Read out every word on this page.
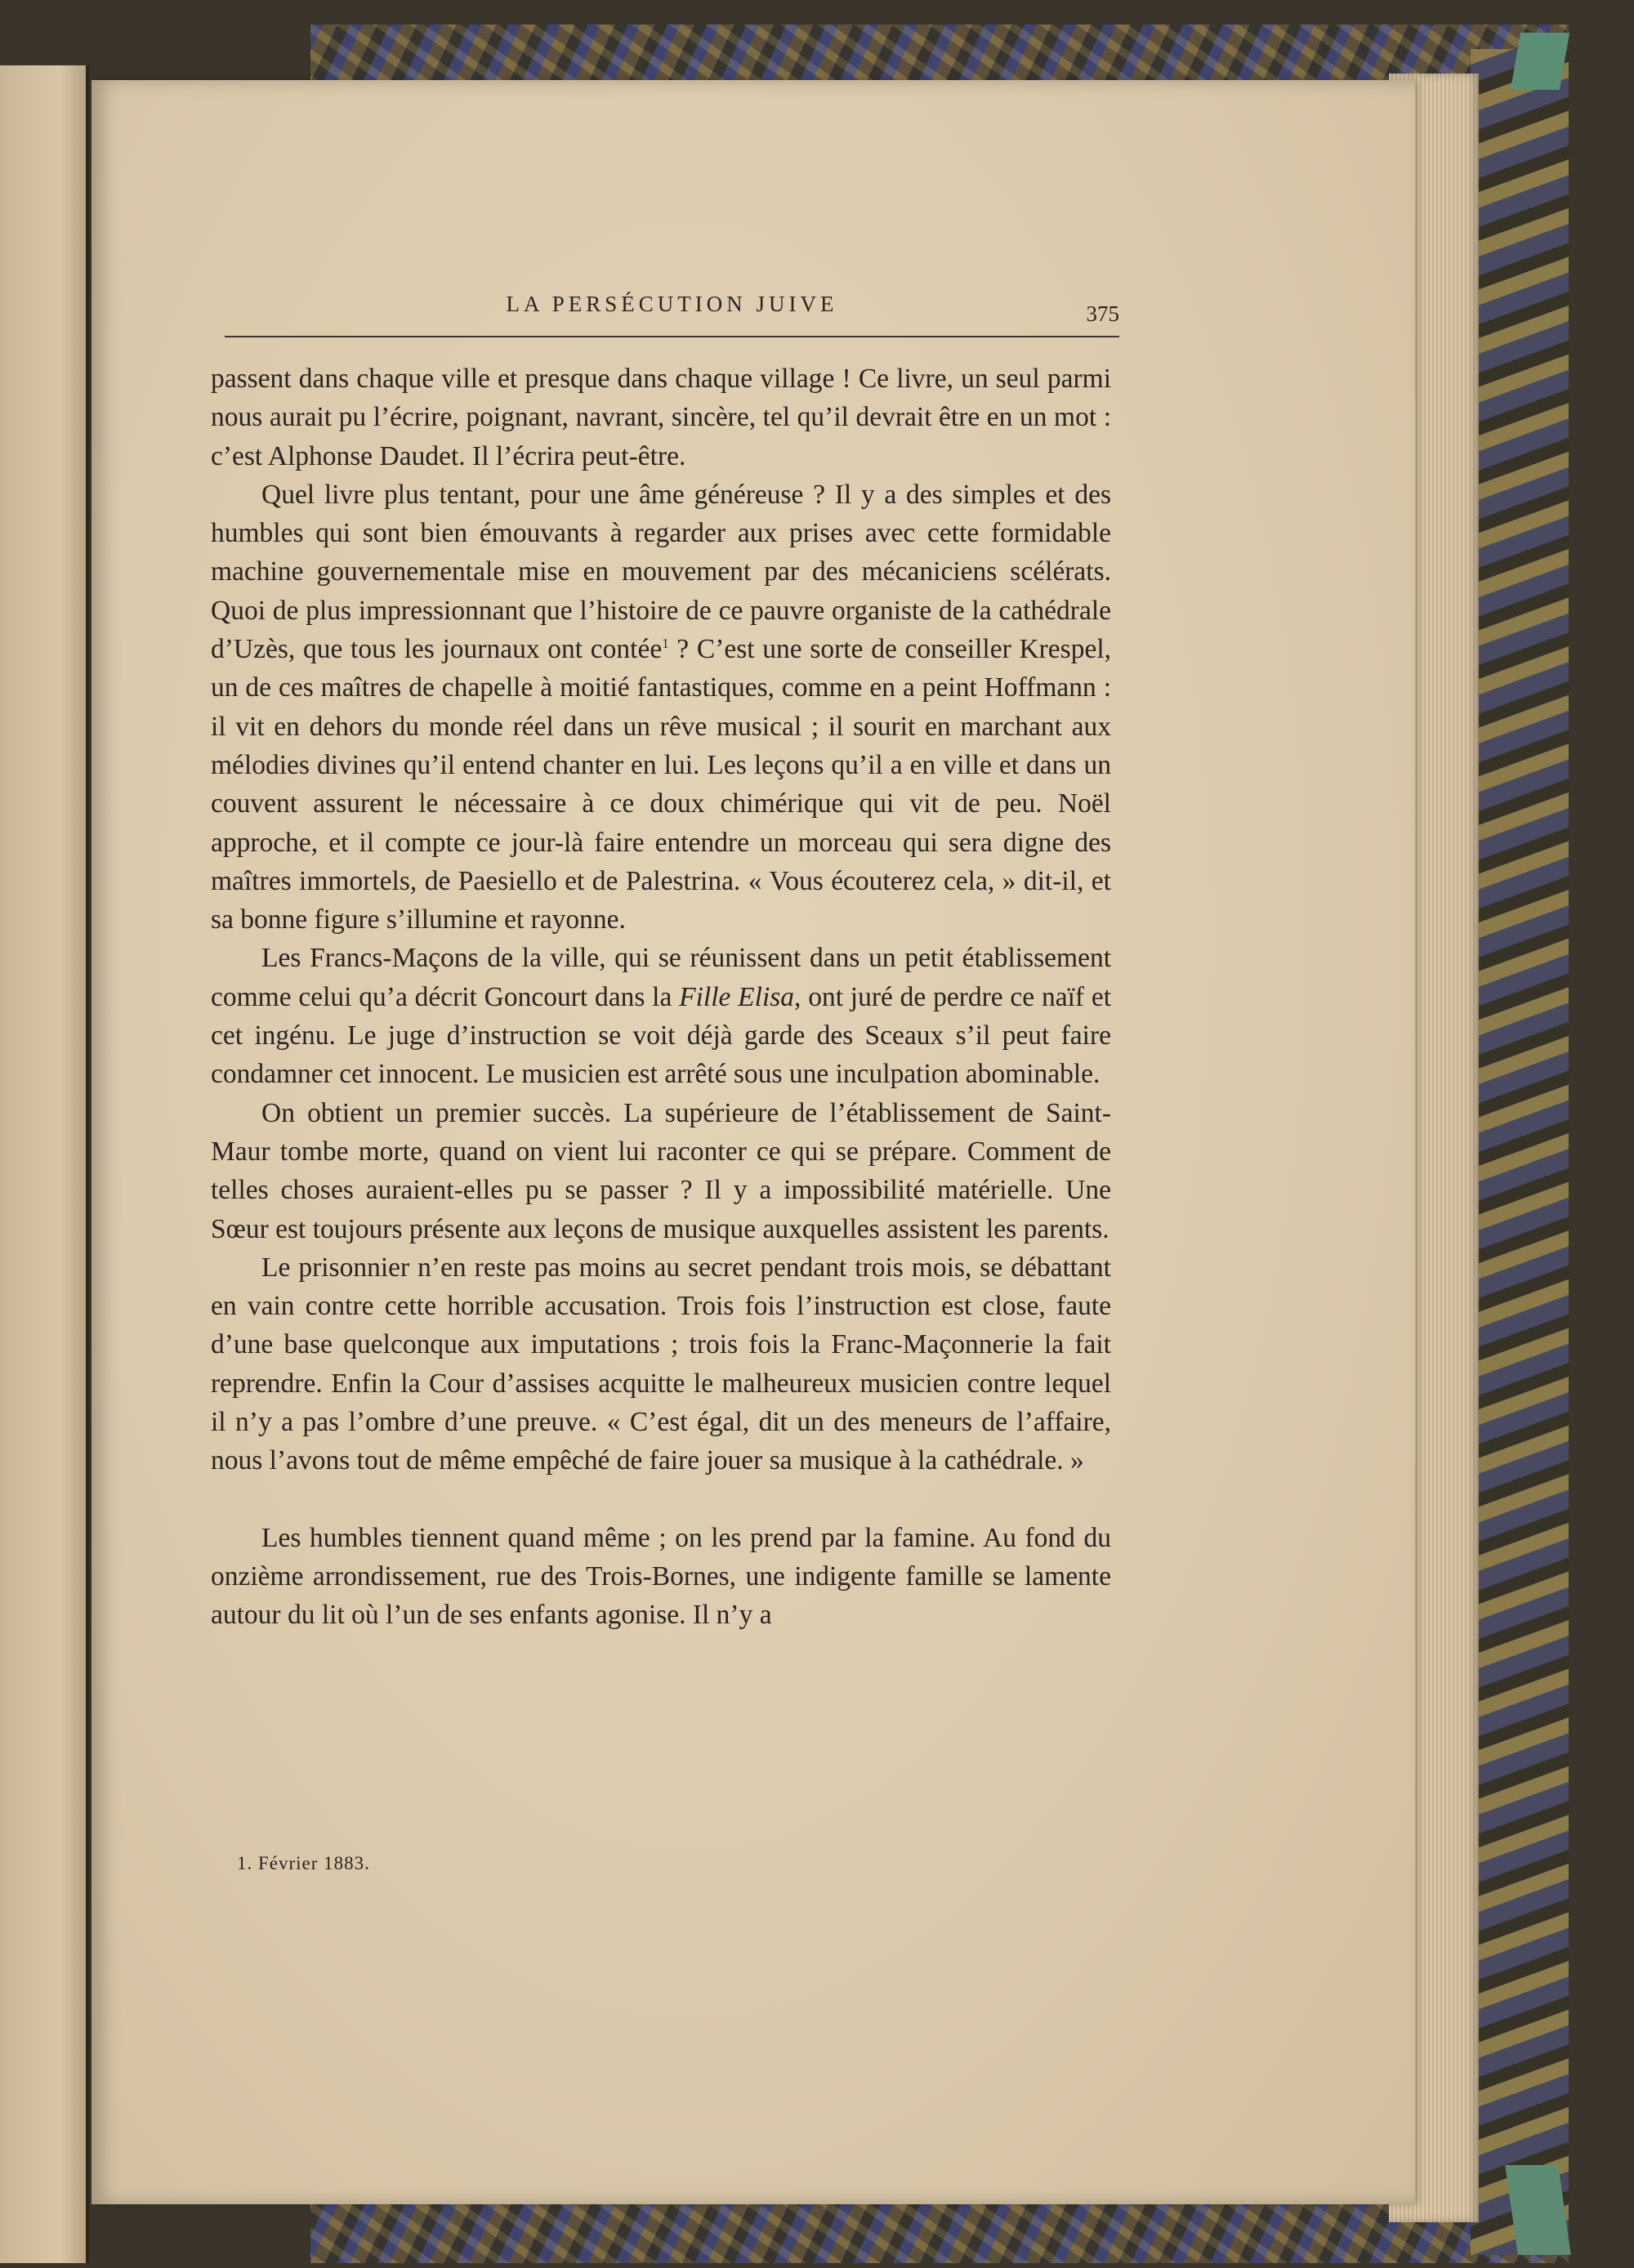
LA PERSÉCUTION JUIVE	375

passent dans chaque ville et presque dans chaque village ! Ce livre, un seul parmi nous aurait pu l’écrire, poignant, navrant, sincère, tel qu’il devrait être en un mot : c’est Alphonse Daudet. Il l’écrira peut-être.

Quel livre plus tentant, pour une âme généreuse ? Il y a des simples et des humbles qui sont bien émouvants à regarder aux prises avec cette formidable machine gouvernementale mise en mouvement par des mécaniciens scélérats. Quoi de plus impressionnant que l’histoire de ce pauvre organiste de la cathédrale d’Uzès, que tous les journaux ont contée$^1$ ? C’est une sorte de conseiller Krespel, un de ces maîtres de chapelle à moitié fantastiques, comme en a peint Hoffmann : il vit en dehors du monde réel dans un rêve musical ; il sourit en marchant aux mélodies divines qu’il entend chanter en lui. Les leçons qu’il a en ville et dans un couvent assurent le nécessaire à ce doux chimérique qui vit de peu. Noël approche, et il compte ce jour-là faire entendre un morceau qui sera digne des maîtres immortels, de Paesiello et de Palestrina. « Vous écouterez cela, » dit-il, et sa bonne figure s’illumine et rayonne.

Les Francs-Maçons de la ville, qui se réunissent dans un petit établissement comme celui qu’a décrit Goncourt dans la Fille Elisa, ont juré de perdre ce naïf et cet ingénu. Le juge d’instruction se voit déjà garde des Sceaux s’il peut faire condamner cet innocent. Le musicien est arrêté sous une inculpation abominable.

On obtient un premier succès. La supérieure de l’établissement de Saint-Maur tombe morte, quand on vient lui raconter ce qui se prépare. Comment de telles choses auraient-elles pu se passer ? Il y a impossibilité matérielle. Une Sœur est toujours présente aux leçons de musique auxquelles assistent les parents.

Le prisonnier n’en reste pas moins au secret pendant trois mois, se débattant en vain contre cette horrible accusation. Trois fois l’instruction est close, faute d’une base quelconque aux imputations ; trois fois la Franc-Maçonnerie la fait reprendre. Enfin la Cour d’assises acquitte le malheureux musicien contre lequel il n’y a pas l’ombre d’une preuve. « C’est égal, dit un des meneurs de l’affaire, nous l’avons tout de même empêché de faire jouer sa musique à la cathédrale. »

Les humbles tiennent quand même ; on les prend par la famine. Au fond du onzième arrondissement, rue des Trois-Bornes, une indigente famille se lamente autour du lit où l’un de ses enfants agonise. Il n’y a

1. Février 1883.
